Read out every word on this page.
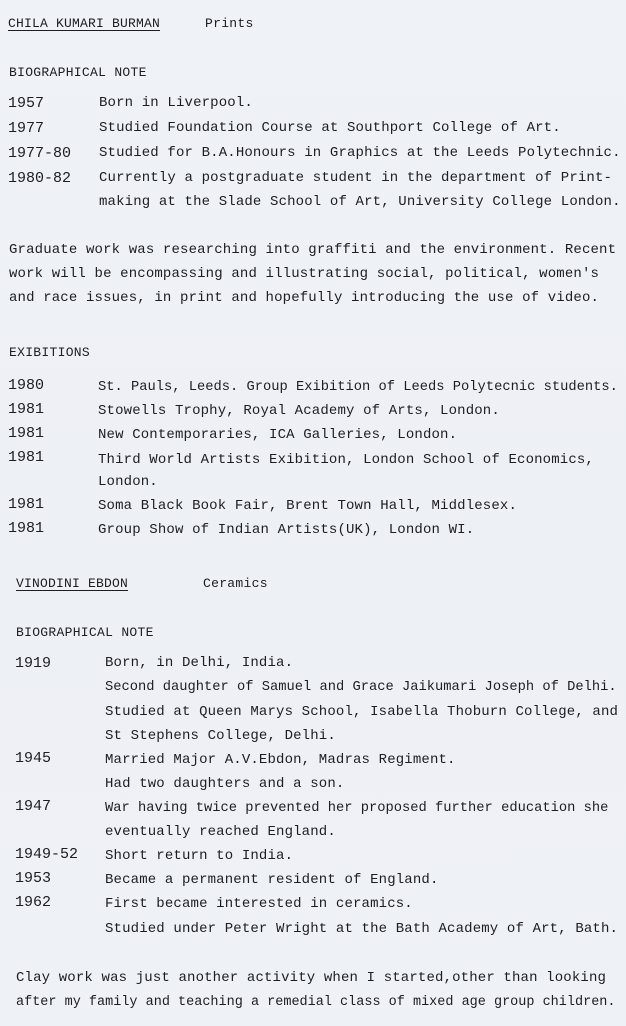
CHILA KUMARI BURMAN	Prints
BIOGRAPHICAL NOTE
1957	Born in Liverpool.
1977	Studied Foundation Course at Southport College of Art.
1977-80 Studied for B.A.Honours in Graphics at the Leeds Polytechnic.
1980-82 Currently a postgraduate student in the department of Print-
making at the Slade School of Art, University College London.
Graduate work was researching into graffiti and the environment. Recent
work will be encompassing and illustrating social, political, women's
and race issues, in print and hopefully introducing the use of video.
EXIBITIONS
1980	St. Pauls, Leeds. Group Exibition of Leeds Polytecnic students.
1981	Stowells Trophy, Royal Academy of Arts, London.
1981	New Contemporaries, ICA Galleries, London.
1981	Third World Artists Exibition, London School of Economics,
London.
1981	Soma Black Book Fair, Brent Town Hall, Middlesex.
1981	Group Show of Indian Artists(UK), London WI.
VINODINI EBDON	Ceramics
BIOGRAPHICAL NOTE
1919	Born, in Delhi, India.
Second daughter of Samuel and Grace Jaikumari Joseph of Delhi.
Studied at Queen Marys School, Isabella Thoburn College, and
St Stephens College, Delhi.
1945	Married Major A.V.Ebdon, Madras Regiment.
Had two daughters and a son.
1947	War having twice prevented her proposed further education she
eventually reached England.
1949-52 Short return to India.
1953	Became a permanent resident of England.
1962	First became interested in ceramics.
Studied under Peter Wright at the Bath Academy of Art, Bath.
Clay work was just another activity when I started,other than looking
after my family and teaching a remedial class of mixed age group children.
